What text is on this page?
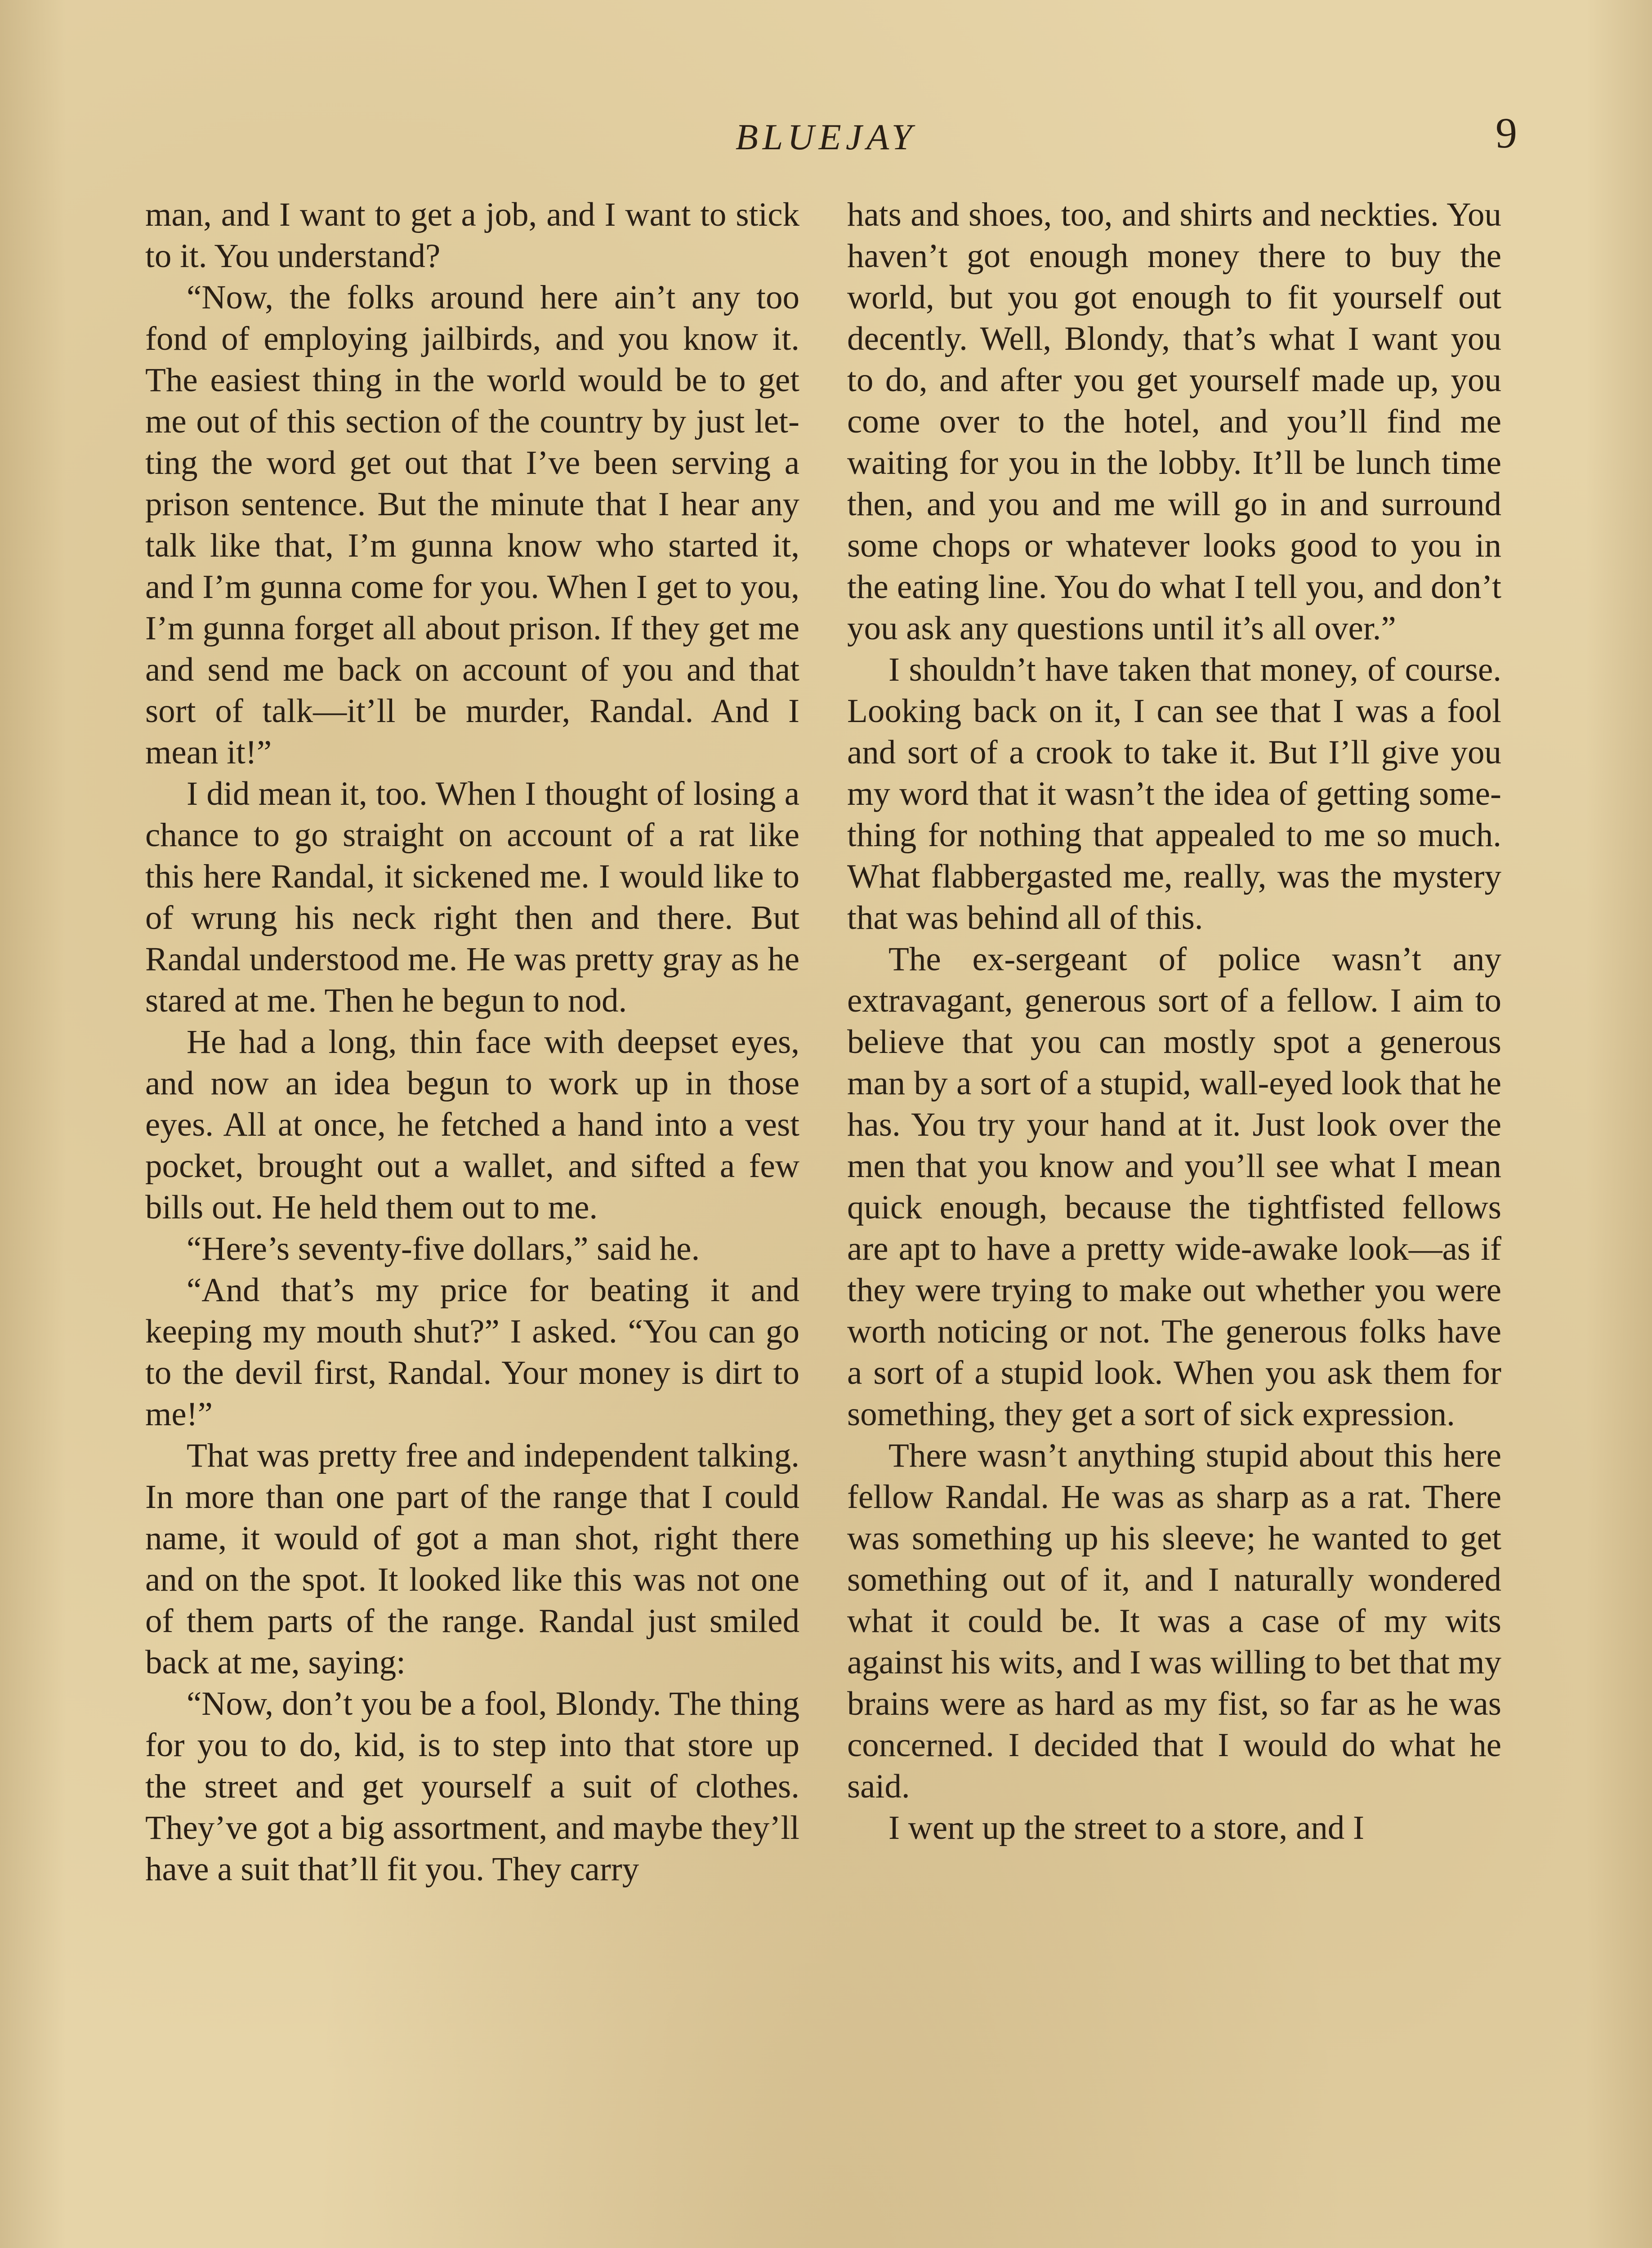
BLUEJAY	9

man, and I want to get a job, and I want to stick to it. You understand?

“Now, the folks around here ain’t any too fond of employing jailbirds, and you know it. The easiest thing in the world would be to get me out of this section of the country by just letting the word get out that I’ve been serving a prison sentence. But the minute that I hear any talk like that, I’m gunna know who started it, and I’m gunna come for you. When I get to you, I’m gunna forget all about prison. If they get me and send me back on account of you and that sort of talk—it’ll be murder, Randal. And I mean it!”

I did mean it, too. When I thought of losing a chance to go straight on account of a rat like this here Randal, it sickened me. I would like to of wrung his neck right then and there. But Randal understood me. He was pretty gray as he stared at me. Then he begun to nod.

He had a long, thin face with deepset eyes, and now an idea begun to work up in those eyes. All at once, he fetched a hand into a vest pocket, brought out a wallet, and sifted a few bills out. He held them out to me.

“Here’s seventy-five dollars,” said he.

“And that’s my price for beating it and keeping my mouth shut?” I asked. “You can go to the devil first, Randal. Your money is dirt to me!”

That was pretty free and independent talking. In more than one part of the range that I could name, it would of got a man shot, right there and on the spot. It looked like this was not one of them parts of the range. Randal just smiled back at me, saying:

“Now, don’t you be a fool, Blondy. The thing for you to do, kid, is to step into that store up the street and get yourself a suit of clothes. They’ve got a big assortment, and maybe they’ll have a suit that’ll fit you. They carry

hats and shoes, too, and shirts and neckties. You haven’t got enough money there to buy the world, but you got enough to fit yourself out decently. Well, Blondy, that’s what I want you to do, and after you get yourself made up, you come over to the hotel, and you’ll find me waiting for you in the lobby. It’ll be lunch time then, and you and me will go in and surround some chops or whatever looks good to you in the eating line. You do what I tell you, and don’t you ask any questions until it’s all over.”

I shouldn’t have taken that money, of course. Looking back on it, I can see that I was a fool and sort of a crook to take it. But I’ll give you my word that it wasn’t the idea of getting something for nothing that appealed to me so much. What flabbergasted me, really, was the mystery that was behind all of this.

The ex-sergeant of police wasn’t any extravagant, generous sort of a fellow. I aim to believe that you can mostly spot a generous man by a sort of a stupid, wall-eyed look that he has. You try your hand at it. Just look over the men that you know and you’ll see what I mean quick enough, because the tightfisted fellows are apt to have a pretty wide-awake look—as if they were trying to make out whether you were worth noticing or not. The generous folks have a sort of a stupid look. When you ask them for something, they get a sort of sick expression.

There wasn’t anything stupid about this here fellow Randal. He was as sharp as a rat. There was something up his sleeve; he wanted to get something out of it, and I naturally wondered what it could be. It was a case of my wits against his wits, and I was willing to bet that my brains were as hard as my fist, so far as he was concerned. I decided that I would do what he said.

I went up the street to a store, and I
